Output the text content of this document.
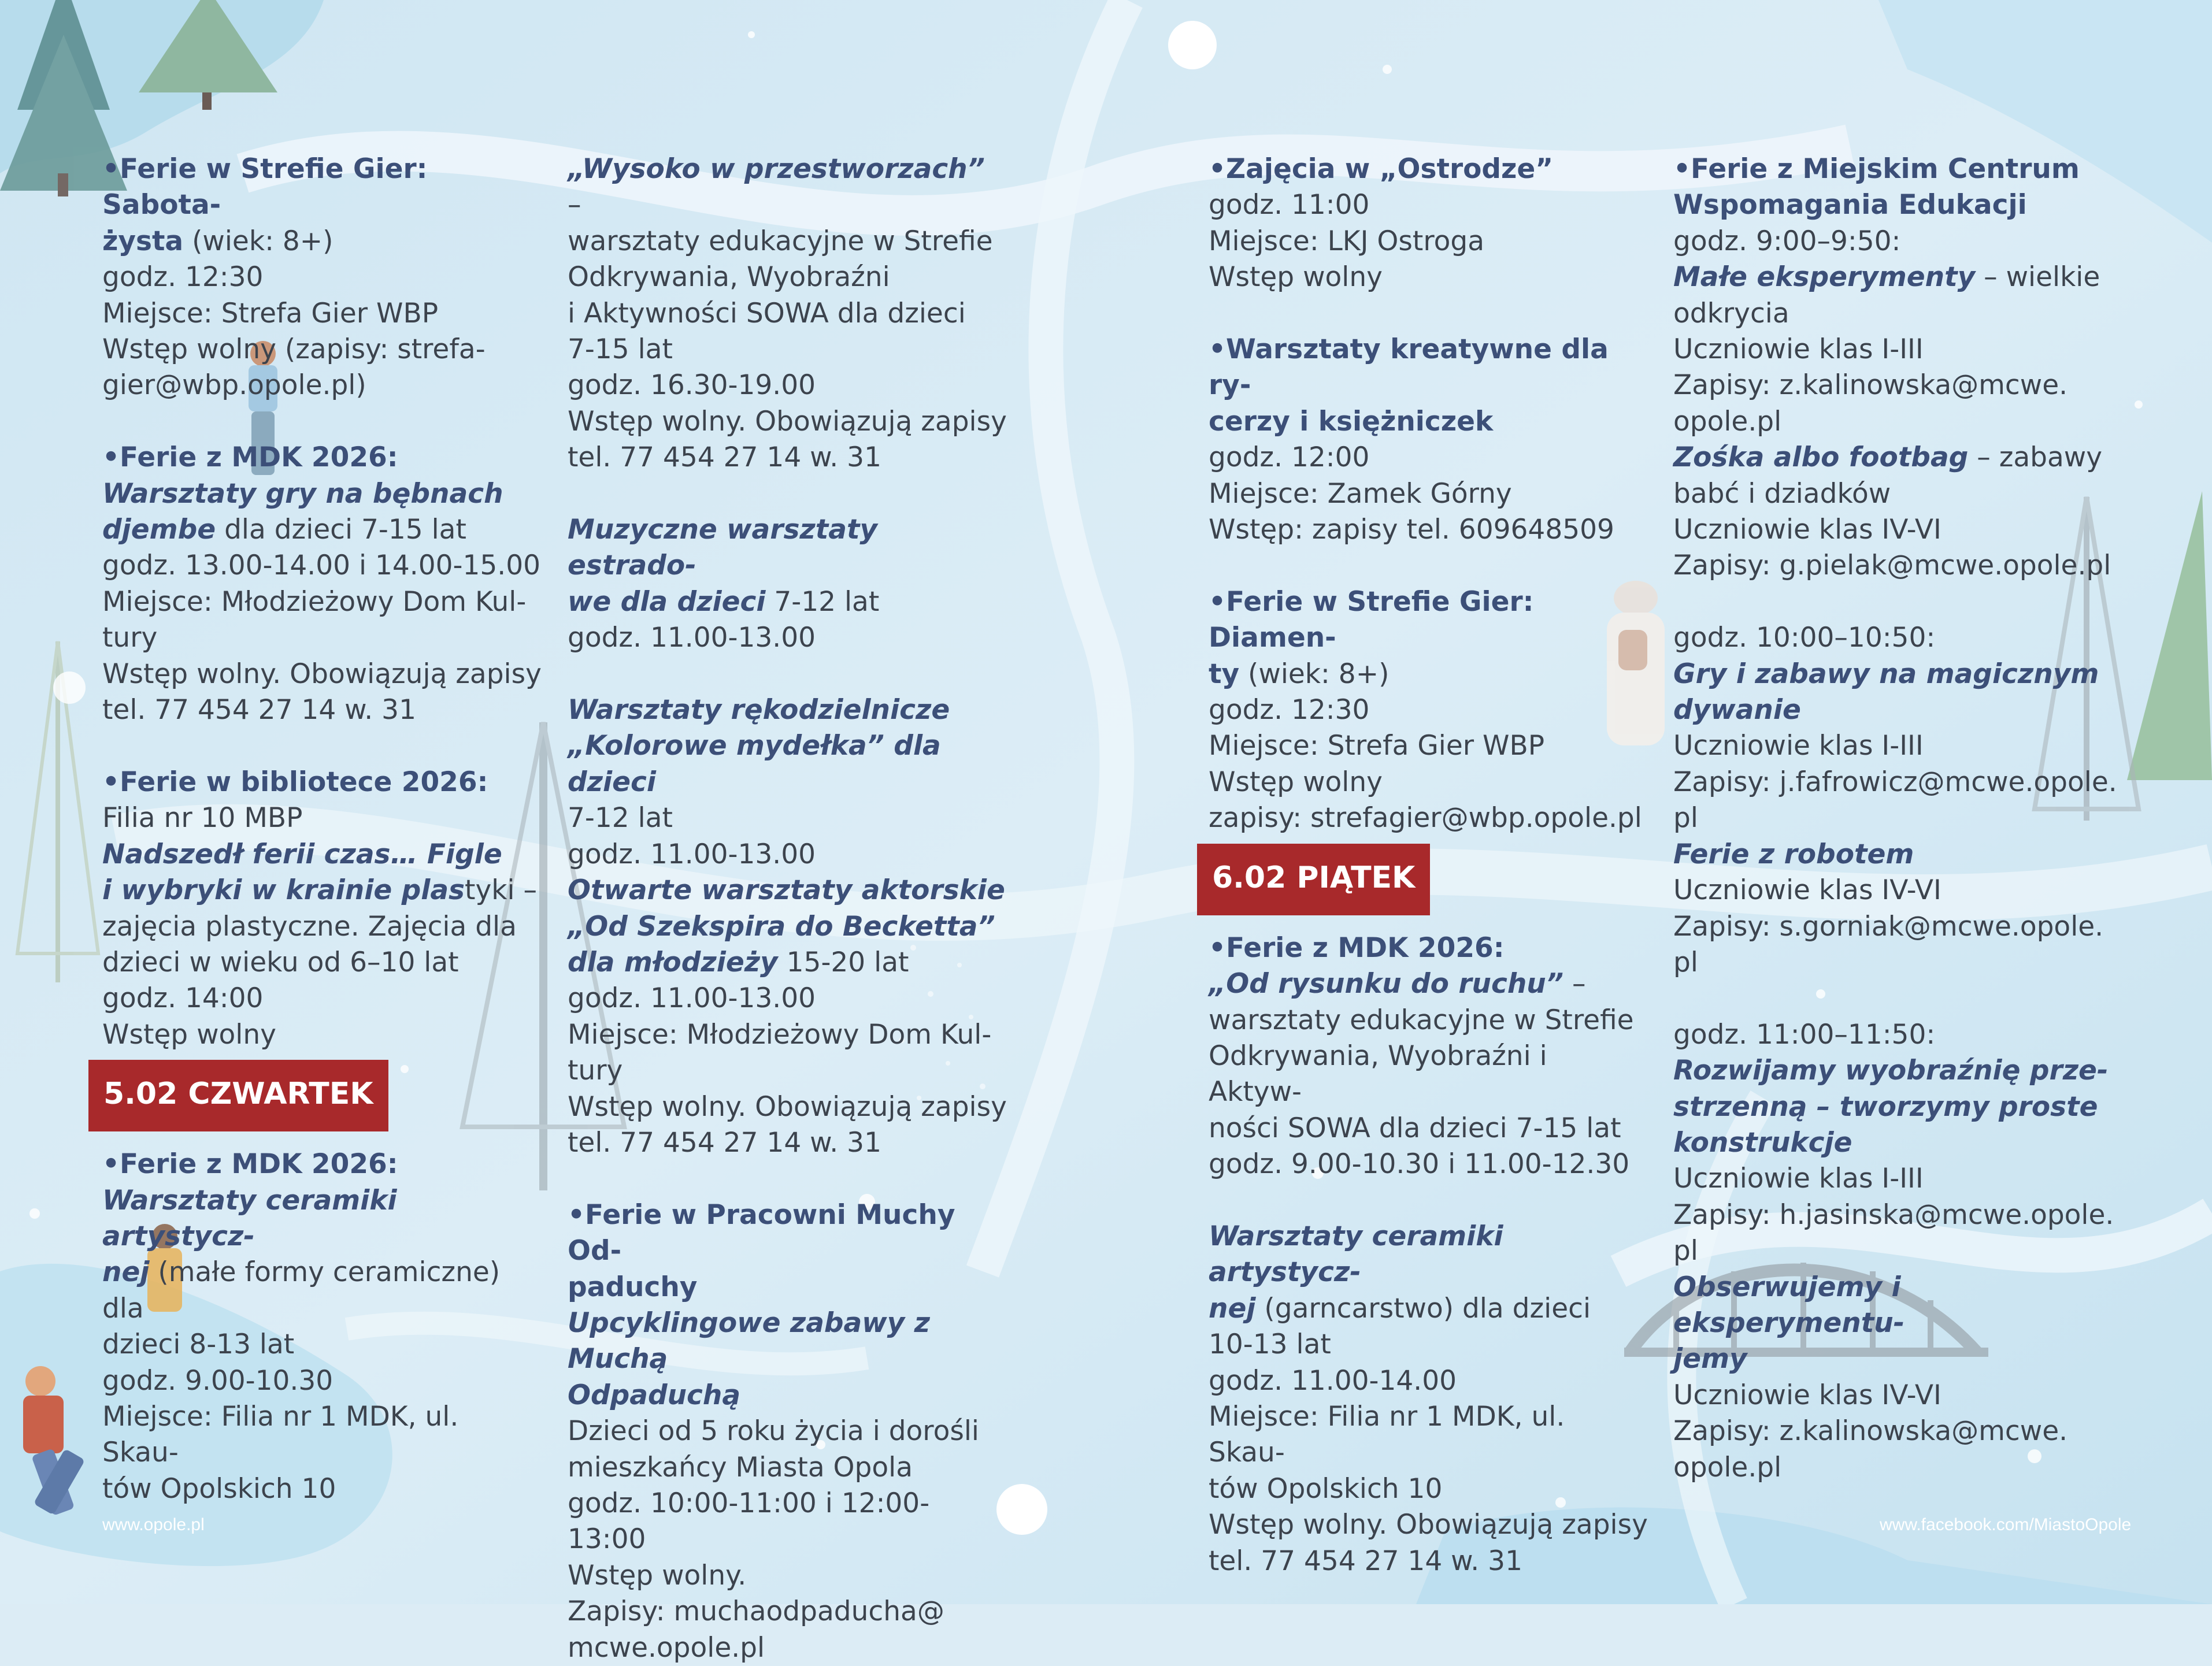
•Ferie w Strefie Gier: Sabota-

żysta (wiek: 8+)

godz. 12:30

Miejsce: Strefa Gier WBP

Wstęp wolny (zapisy: strefa-

gier@wbp.opole.pl)

•Ferie z MDK 2026:

Warsztaty gry na bębnach

djembe dla dzieci 7-15 lat

godz. 13.00-14.00 i 14.00-15.00

Miejsce: Młodzieżowy Dom Kul-

tury

Wstęp wolny. Obowiązują zapisy

tel. 77 454 27 14 w. 31

•Ferie w bibliotece 2026:

Filia nr 10 MBP

Nadszedł ferii czas… Figle

i wybryki w krainie plastyki –

zajęcia plastyczne. Zajęcia dla

dzieci w wieku od 6–10 lat

godz. 14:00

Wstęp wolny

5.02 CZWARTEK

•Ferie z MDK 2026:

Warsztaty ceramiki artystycz-

nej (małe formy ceramiczne) dla

dzieci 8-13 lat

godz. 9.00-10.30

Miejsce: Filia nr 1 MDK, ul. Skau-

tów Opolskich 10

„Wysoko w przestworzach” –

warsztaty edukacyjne w Strefie

Odkrywania, Wyobraźni

i Aktywności SOWA dla dzieci

7-15 lat

godz. 16.30-19.00

Wstęp wolny. Obowiązują zapisy

tel. 77 454 27 14 w. 31

Muzyczne warsztaty estrado-

we dla dzieci 7-12 lat

godz. 11.00-13.00

Warsztaty rękodzielnicze

„Kolorowe mydełka” dla dzieci

7-12 lat

godz. 11.00-13.00

Otwarte warsztaty aktorskie

„Od Szekspira do Becketta”

dla młodzieży 15-20 lat

godz. 11.00-13.00

Miejsce: Młodzieżowy Dom Kul-

tury

Wstęp wolny. Obowiązują zapisy

tel. 77 454 27 14 w. 31

•Ferie w Pracowni Muchy Od-

paduchy

Upcyklingowe zabawy z Muchą

Odpaduchą

Dzieci od 5 roku życia i dorośli

mieszkańcy Miasta Opola

godz. 10:00-11:00 i 12:00-13:00

Wstęp wolny.

Zapisy: muchaodpaducha@

mcwe.opole.pl

•Zajęcia w „Ostrodze”

godz. 11:00

Miejsce: LKJ Ostroga

Wstęp wolny

•Warsztaty kreatywne dla ry-

cerzy i księżniczek

godz. 12:00

Miejsce: Zamek Górny

Wstęp: zapisy tel. 609648509

•Ferie w Strefie Gier: Diamen-

ty (wiek: 8+)

godz. 12:30

Miejsce: Strefa Gier WBP

Wstęp wolny

zapisy: strefagier@wbp.opole.pl

6.02 PIĄTEK

•Ferie z MDK 2026:

„Od rysunku do ruchu” –

warsztaty edukacyjne w Strefie

Odkrywania, Wyobraźni i Aktyw-

ności SOWA dla dzieci 7-15 lat

godz. 9.00-10.30 i 11.00-12.30

Warsztaty ceramiki artystycz-

nej (garncarstwo) dla dzieci

10-13 lat

godz. 11.00-14.00

Miejsce: Filia nr 1 MDK, ul. Skau-

tów Opolskich 10

Wstęp wolny. Obowiązują zapisy

tel. 77 454 27 14 w. 31

•Ferie z Miejskim Centrum

Wspomagania Edukacji

godz. 9:00–9:50:

Małe eksperymenty – wielkie

odkrycia

Uczniowie klas I-III

Zapisy: z.kalinowska@mcwe.

opole.pl

Zośka albo footbag – zabawy

babć i dziadków

Uczniowie klas IV-VI

Zapisy: g.pielak@mcwe.opole.pl

godz. 10:00–10:50:

Gry i zabawy na magicznym

dywanie

Uczniowie klas I-III

Zapisy: j.fafrowicz@mcwe.opole.

pl

Ferie z robotem

Uczniowie klas IV-VI

Zapisy: s.gorniak@mcwe.opole.

pl

godz. 11:00–11:50:

Rozwijamy wyobraźnię prze-

strzenną – tworzymy proste

konstrukcje

Uczniowie klas I-III

Zapisy: h.jasinska@mcwe.opole.

pl

Obserwujemy i eksperymentu-

jemy

Uczniowie klas IV-VI

Zapisy: z.kalinowska@mcwe.

opole.pl

www.opole.pl	www.facebook.com/MiastoOpole
